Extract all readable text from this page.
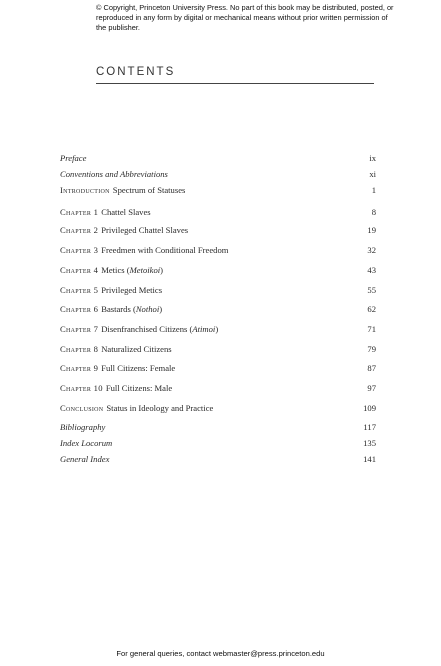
© Copyright, Princeton University Press. No part of this book may be distributed, posted, or reproduced in any form by digital or mechanical means without prior written permission of the publisher.
CONTENTS
Preface	ix
Conventions and Abbreviations	xi
Introduction Spectrum of Statuses	1
Chapter 1 Chattel Slaves	8
Chapter 2 Privileged Chattel Slaves	19
Chapter 3 Freedmen with Conditional Freedom	32
Chapter 4 Metics (Metoikoi)	43
Chapter 5 Privileged Metics	55
Chapter 6 Bastards (Nothoi)	62
Chapter 7 Disenfranchised Citizens (Atimoi)	71
Chapter 8 Naturalized Citizens	79
Chapter 9 Full Citizens: Female	87
Chapter 10 Full Citizens: Male	97
Conclusion Status in Ideology and Practice	109
Bibliography	117
Index Locorum	135
General Index	141
For general queries, contact webmaster@press.princeton.edu
